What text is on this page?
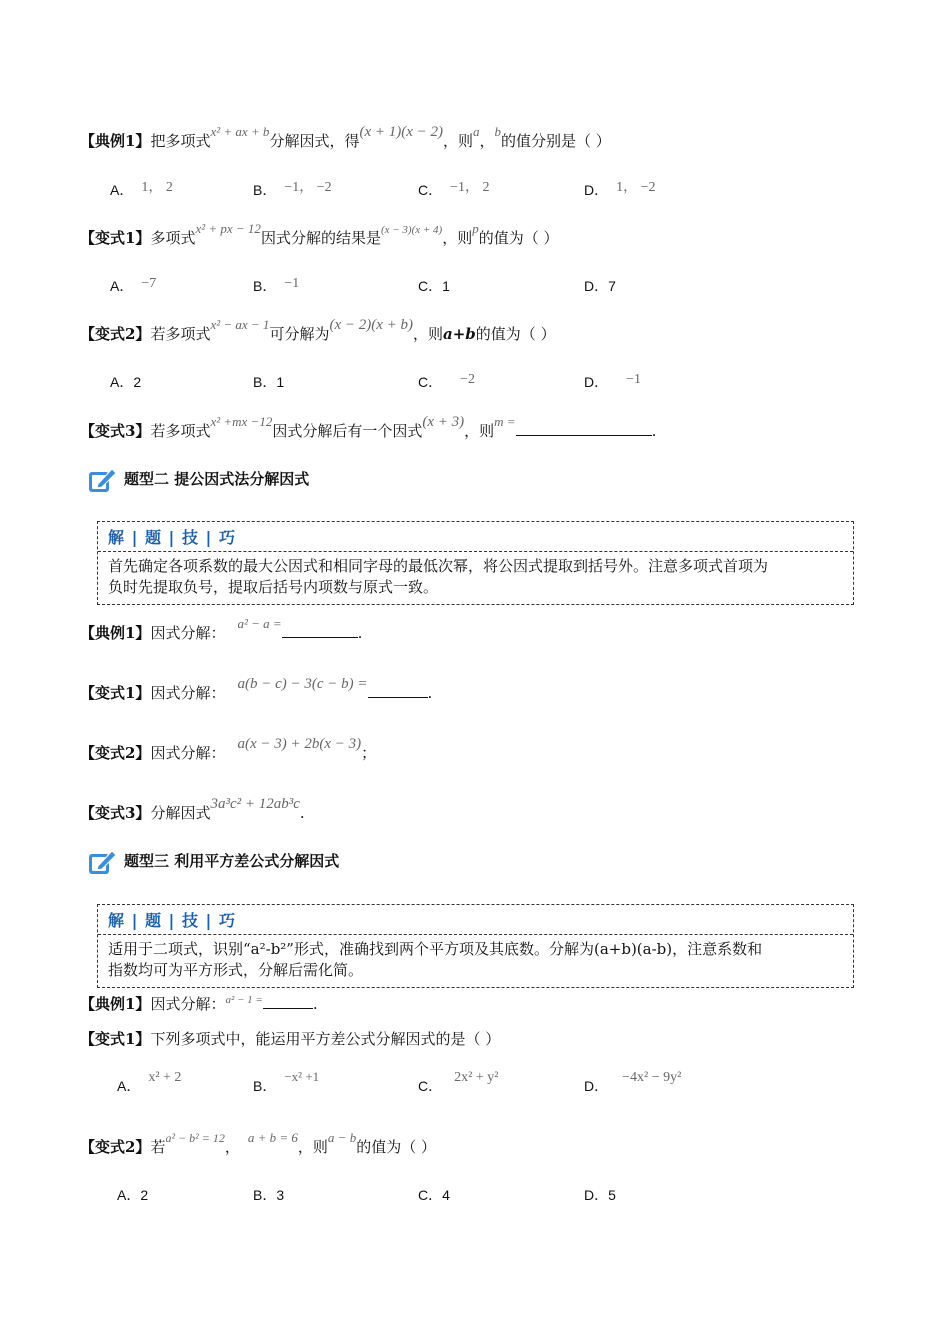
【典例1】把多项式x² + ax + b分解因式，得(x + 1)(x − 2)，则a，b的值分别是（ ）
A． 1， 2	B． −1， −2	C． −1， 2	D． 1， −2
【变式1】多项式x² + px − 12因式分解的结果是(x − 3)(x + 4)，则p的值为（ ）
A． −7	B． −1	C．1	D．7
【变式2】若多项式x² − ax − 1可分解为(x − 2)(x + b)，则a+b的值为（ ）
A．2	B．1	C． −2	D． −1
【变式3】若多项式x² +mx −12因式分解后有一个因式(x + 3)，则m =.
题型二 提公因式法分解因式
解 | 题 | 技 | 巧
首先确定各项系数的最大公因式和相同字母的最低次幂，将公因式提取到括号外。注意多项式首项为
负时先提取负号，提取后括号内项数与原式一致。
【典例1】因式分解：a² − a =.
【变式1】因式分解： a(b − c) − 3(c − b) =	.
【变式2】因式分解： a(x − 3) + 2b(x − 3)；
【变式3】分解因式3a³c² + 12ab³c.
题型三 利用平方差公式分解因式
解 | 题 | 技 | 巧
适用于二项式，识别“a²-b²”形式，准确找到两个平方项及其底数。分解为(a+b)(a-b)，注意系数和
指数均可为平方形式，分解后需化简。
【典例1】因式分解：a² − 1 =	.
【变式1】下列多项式中，能运用平方差公式分解因式的是（ ）
A．x² + 2
B．−x² +1
C．2x² + y²
D．−4x² − 9y²
【变式2】若a² − b² = 12，a + b = 6，则a − b的值为（ ）
A．2	B．3	C．4	D．5
